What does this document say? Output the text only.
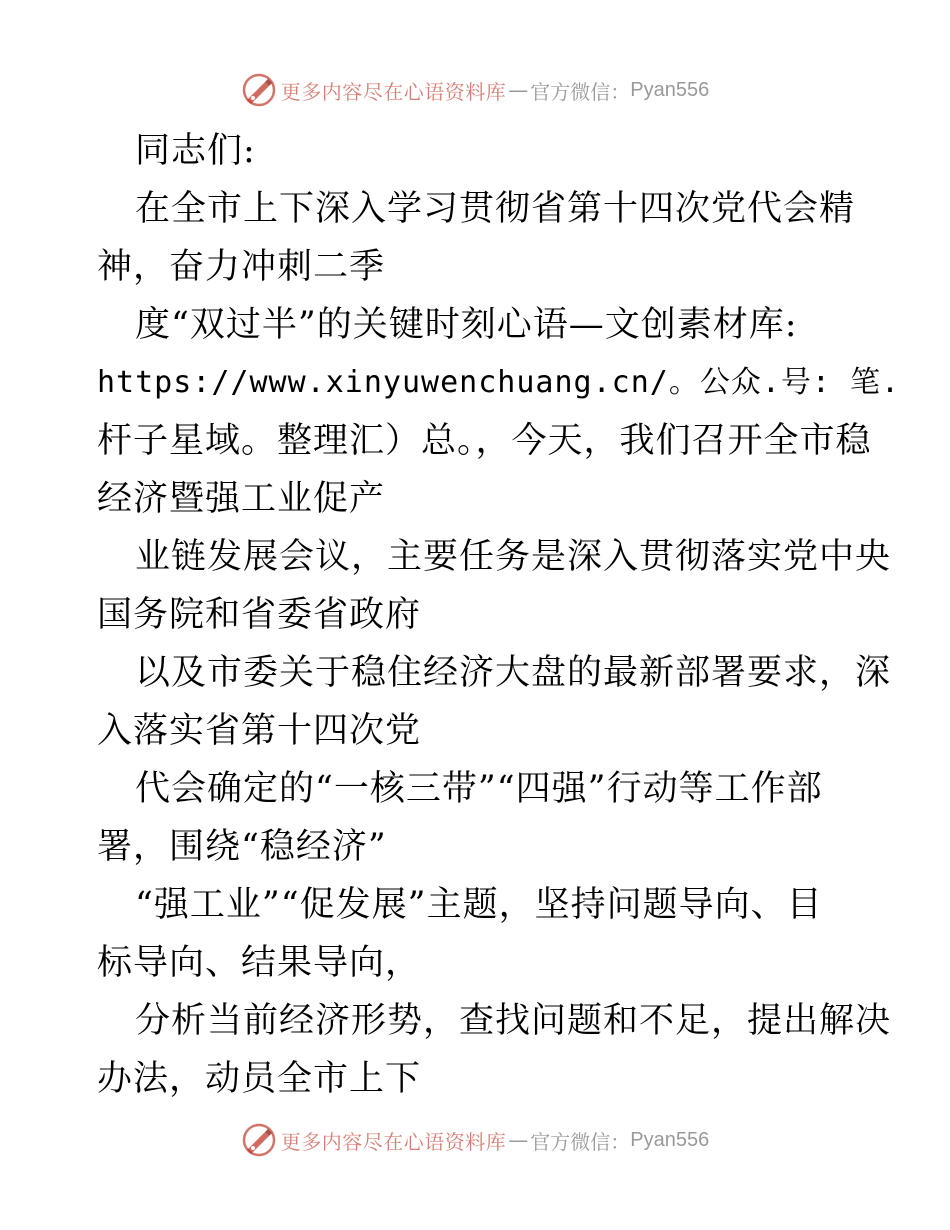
更多内容尽在心语资料库 — 官方微信： Pyan556
同志们:
在全市上下深入学习贯彻省第十四次党代会精
神，奋力冲刺二季
度“双过半”的关键时刻心语—文创素材库:
https://www.xinyuwenchuang.cn/。公众.号: 笔.
杆子星域。整理汇）总。，今天，我们召开全市稳
经济暨强工业促产
业链发展会议，主要任务是深入贯彻落实党中央
国务院和省委省政府
以及市委关于稳住经济大盘的最新部署要求，深
入落实省第十四次党
代会确定的“一核三带”“四强”行动等工作部
署，围绕“稳经济”
“强工业”“促发展”主题，坚持问题导向、目
标导向、结果导向，
分析当前经济形势，查找问题和不足，提出解决
办法，动员全市上下
更多内容尽在心语资料库 — 官方微信： Pyan556
